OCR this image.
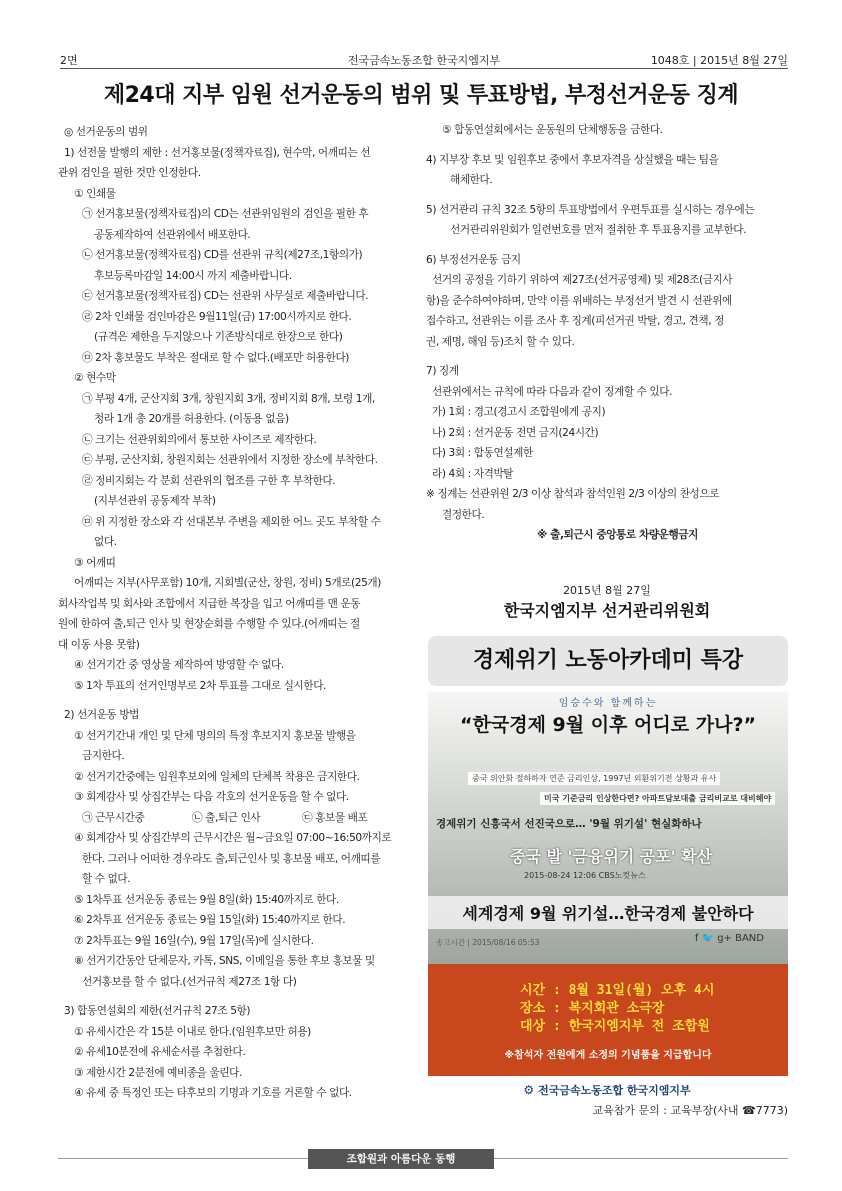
2면	전국금속노동조합 한국지엠지부	1048호 | 2015년 8월 27일
제24대 지부 임원 선거운동의 범위 및 투표방법, 부정선거운동 징계

◎ 선거운동의 범위

1) 선전물 발행의 제한 : 선거홍보물(정책자료집), 현수막, 어깨띠는 선

관위 검인을 필한 것만 인정한다.

① 인쇄물

㉠ 선거홍보물(정책자료집)의 CD는 선관위임원의 검인을 필한 후

공동제작하여 선관위에서 배포한다.

㉡ 선거홍보물(정책자료집) CD를 선관위 규칙(제27조,1항의가)

후보등록마감일 14:00시 까지 제출바랍니다.

㉢ 선거홍보물(정책자료집) CD는 선관위 사무실로 제출바랍니다.

㉣ 2차 인쇄물 검인마감은 9월11일(금) 17:00시까지로 한다.

(규격은 제한을 두지않으나 기존방식대로 한장으로 한다)

㉤ 2차 홍보물도 부착은 절대로 할 수 없다.(배포만 허용한다)

② 현수막

㉠ 부평 4개, 군산지회 3개, 창원지회 3개, 정비지회 8개, 보령 1개,

청라 1개 총 20개를 허용한다. (이동용 없음)

㉡ 크기는 선관위회의에서 통보한 사이즈로 제작한다.

㉢ 부평, 군산지회, 창원지회는 선관위에서 지정한 장소에 부착한다.

㉣ 정비지회는 각 분회 선관위의 협조를 구한 후 부착한다.

(지부선관위 공동제작 부착)

㉤ 위 지정한 장소와 각 선대본부 주변을 제외한 어느 곳도 부착할 수

없다.

③ 어깨띠

어깨띠는 지부(사무포함) 10개, 지회별(군산, 창원, 정비) 5개로(25개)

회사작업복 및 회사와 조합에서 지급한 복장을 입고 어깨띠를 맨 운동

원에 한하여 출,퇴근 인사 및 현장순회를 수행할 수 있다.(어깨띠는 절

대 이동 사용 못함)

④ 선거기간 중 영상물 제작하여 방영할 수 없다.

⑤ 1차 투표의 선거인명부로 2차 투표를 그대로 실시한다.

2) 선거운동 방법

① 선거기간내 개인 및 단체 명의의 특정 후보지지 홍보물 발행을

금지한다.

② 선거기간중에는 임원후보외에 일체의 단체복 착용은 금지한다.

③ 회계감사 및 상집간부는 다음 각호의 선거운동을 할 수 없다.

㉠ 근무시간중	㉡ 출,퇴근 인사	㉢ 홍보물 배포

④ 회계감사 및 상집간부의 근무시간은 월~금요일 07:00~16:50까지로

한다. 그러나 어떠한 경우라도 출,퇴근인사 및 홍보물 배포, 어깨띠를

할 수 없다.

⑤ 1차투표 선거운동 종료는 9월 8일(화) 15:40까지로 한다.

⑥ 2차투표 선거운동 종료는 9월 15일(화) 15:40까지로 한다.

⑦ 2차투표는 9월 16일(수), 9월 17일(목)에 실시한다.

⑧ 선거기간동안 단체문자, 카톡, SNS, 이메일을 통한 후보 홍보물 및

선거홍보를 할 수 없다.(선거규칙 제27조 1항 다)

3) 합동연설회의 제한(선거규칙 27조 5항)

① 유세시간은 각 15분 이내로 한다.(임원후보만 허용)

② 유세10분전에 유세순서를 추첨한다.

③ 제한시간 2분전에 예비종을 울린다.

④ 유세 중 특정인 또는 타후보의 기명과 기호를 거론할 수 없다.

⑤ 합동연설회에서는 운동원의 단체행동을 금한다.

4) 지부장 후보 및 임원후보 중에서 후보자격을 상실했을 때는 팀을

해체한다.

5) 선거관리 규칙 32조 5항의 투표방법에서 우편투표를 실시하는 경우에는

선거관리위원회가 일련번호를 먼저 절취한 후 투표용지를 교부한다.

6) 부정선거운동 금지

선거의 공정을 기하기 위하여 제27조(선거공영제) 및 제28조(금지사

항)을 준수하여야하며, 만약 이를 위배하는 부정선거 발견 시 선관위에

접수하고, 선관위는 이를 조사 후 징계(피선거권 박탈, 경고, 견책, 정

권, 제명, 해임 등)조치 할 수 있다.

7) 징계

선관위에서는 규칙에 따라 다음과 같이 징계할 수 있다.

가) 1회 : 경고(경고시 조합원에게 공지)

나) 2회 : 선거운동 전면 금지(24시간)

다) 3회 : 합동연설제한

라) 4회 : 자격박탈

※ 징계는 선관위원 2/3 이상 참석과 참석인원 2/3 이상의 찬성으로

결정한다.

※ 출,퇴근시 중앙통로 차량운행금지

2015년 8월 27일
한국지엠지부 선거관리위원회
경제위기 노동아카데미 특강
임승수와 함께하는
“한국경제 9월 이후 어디로 가나?”
중국 위안화 절하하자 연준 금리인상, 1997년 외환위기전 상황과 유사
미국 기준금리 인상한다면? 아파트담보대출 금리비교로 대비해야
경제위기 신흥국서 선진국으로… '9월 위기설' 현실화하나
중국 발 '금융위기 공포' 확산
2015-08-24 12:06 CBS노컷뉴스
세계경제 9월 위기설…한국경제 불안하다
송고시간 | 2015/08/16 05:53	f 🐦 g+ BAND
시간 : 8월 31일(월) 오후 4시
장소 : 복지회관 소극장
대상 : 한국지엠지부 전 조합원
※참석자 전원에게 소정의 기념품을 지급합니다
⚙ 전국금속노동조합 한국지엠지부
교육참가 문의 : 교육부장(사내 ☎7773)
조합원과 아름다운 동행
